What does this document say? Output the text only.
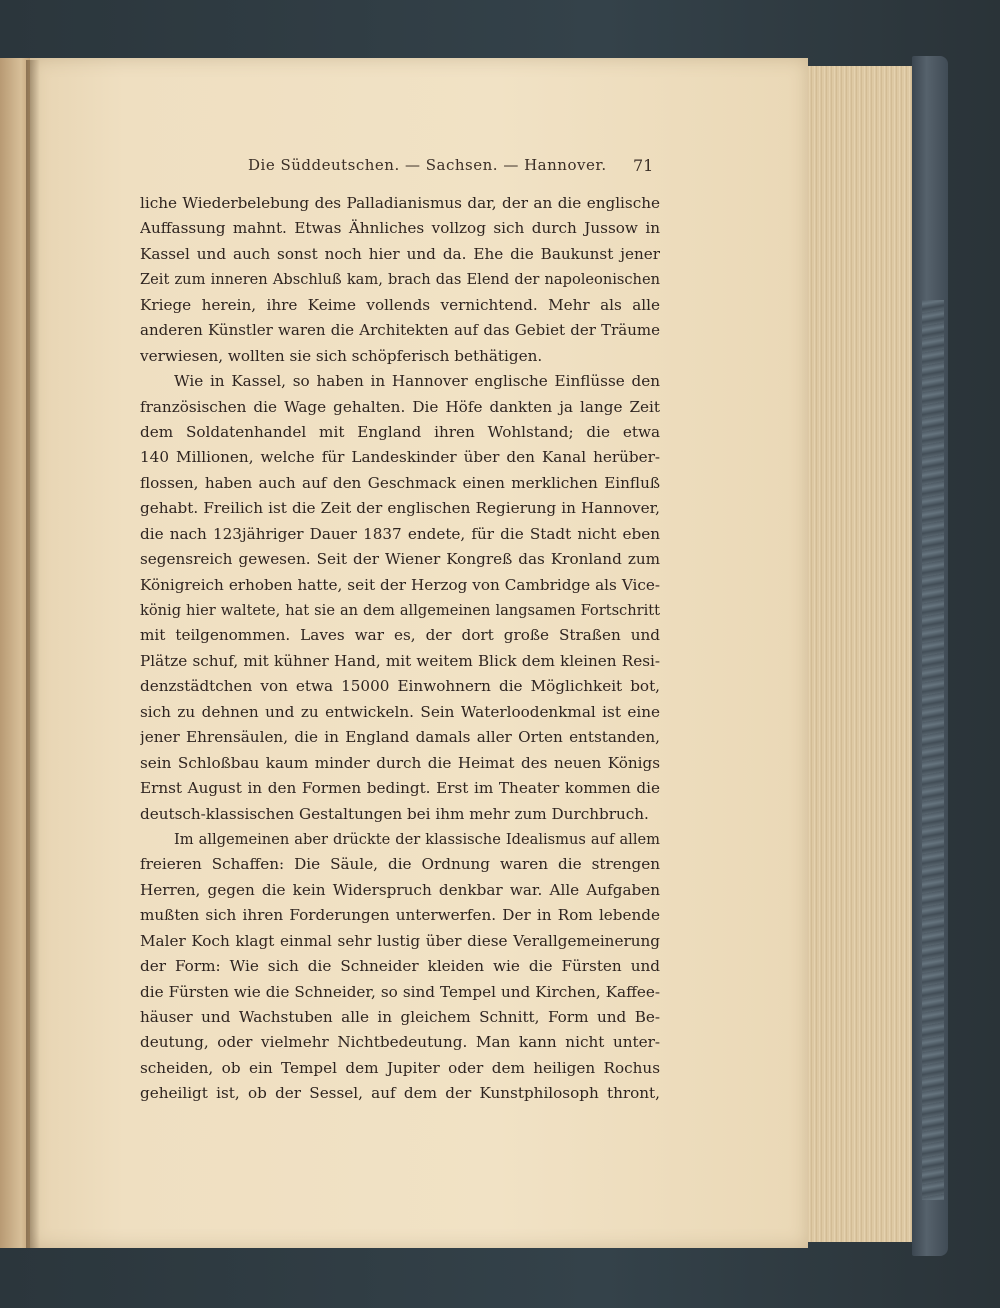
Die Süddeutschen. — Sachsen. — Hannover. 71
liche Wiederbelebung des Palladianismus dar, der an die englische
Auffassung mahnt. Etwas Ähnliches vollzog sich durch Jussow in
Kassel und auch sonst noch hier und da. Ehe die Baukunst jener
Zeit zum inneren Abschluß kam, brach das Elend der napoleonischen
Kriege herein, ihre Keime vollends vernichtend. Mehr als alle
anderen Künstler waren die Architekten auf das Gebiet der Träume
verwiesen, wollten sie sich schöpferisch bethätigen.
Wie in Kassel, so haben in Hannover englische Einflüsse den
französischen die Wage gehalten. Die Höfe dankten ja lange Zeit
dem Soldatenhandel mit England ihren Wohlstand; die etwa
140 Millionen, welche für Landeskinder über den Kanal herüber-
flossen, haben auch auf den Geschmack einen merklichen Einfluß
gehabt. Freilich ist die Zeit der englischen Regierung in Hannover,
die nach 123jähriger Dauer 1837 endete, für die Stadt nicht eben
segensreich gewesen. Seit der Wiener Kongreß das Kronland zum
Königreich erhoben hatte, seit der Herzog von Cambridge als Vice-
könig hier waltete, hat sie an dem allgemeinen langsamen Fortschritt
mit teilgenommen. Laves war es, der dort große Straßen und
Plätze schuf, mit kühner Hand, mit weitem Blick dem kleinen Resi-
denzstädtchen von etwa 15000 Einwohnern die Möglichkeit bot,
sich zu dehnen und zu entwickeln. Sein Waterloodenkmal ist eine
jener Ehrensäulen, die in England damals aller Orten entstanden,
sein Schloßbau kaum minder durch die Heimat des neuen Königs
Ernst August in den Formen bedingt. Erst im Theater kommen die
deutsch-klassischen Gestaltungen bei ihm mehr zum Durchbruch.
Im allgemeinen aber drückte der klassische Idealismus auf allem
freieren Schaffen: Die Säule, die Ordnung waren die strengen
Herren, gegen die kein Widerspruch denkbar war. Alle Aufgaben
mußten sich ihren Forderungen unterwerfen. Der in Rom lebende
Maler Koch klagt einmal sehr lustig über diese Verallgemeinerung
der Form: Wie sich die Schneider kleiden wie die Fürsten und
die Fürsten wie die Schneider, so sind Tempel und Kirchen, Kaffee-
häuser und Wachstuben alle in gleichem Schnitt, Form und Be-
deutung, oder vielmehr Nichtbedeutung. Man kann nicht unter-
scheiden, ob ein Tempel dem Jupiter oder dem heiligen Rochus
geheiligt ist, ob der Sessel, auf dem der Kunstphilosoph thront,
